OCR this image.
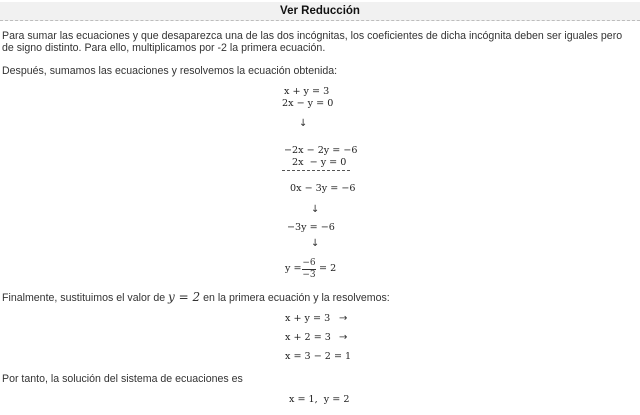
Ver Reducción
Para sumar las ecuaciones y que desaparezca una de las dos incógnitas, los coeficientes de dicha incógnita deben ser iguales pero de signo distinto. Para ello, multiplicamos por -2 la primera ecuación.
Después, sumamos las ecuaciones y resolvemos la ecuación obtenida:
x + y = 3
2x − y = 0
↓
−2x − 2y = −6
2x  − y = 0
0x − 3y = −6
↓
−3y = −6
↓
$y = \frac{-6}{-3} = 2$
Finalmente, sustituimos el valor de y = 2 en la primera ecuación y la resolvemos:
x + y = 3 →
x + 2 = 3 →
x = 3 − 2 = 1
Por tanto, la solución del sistema de ecuaciones es
x = 1,  y = 2
